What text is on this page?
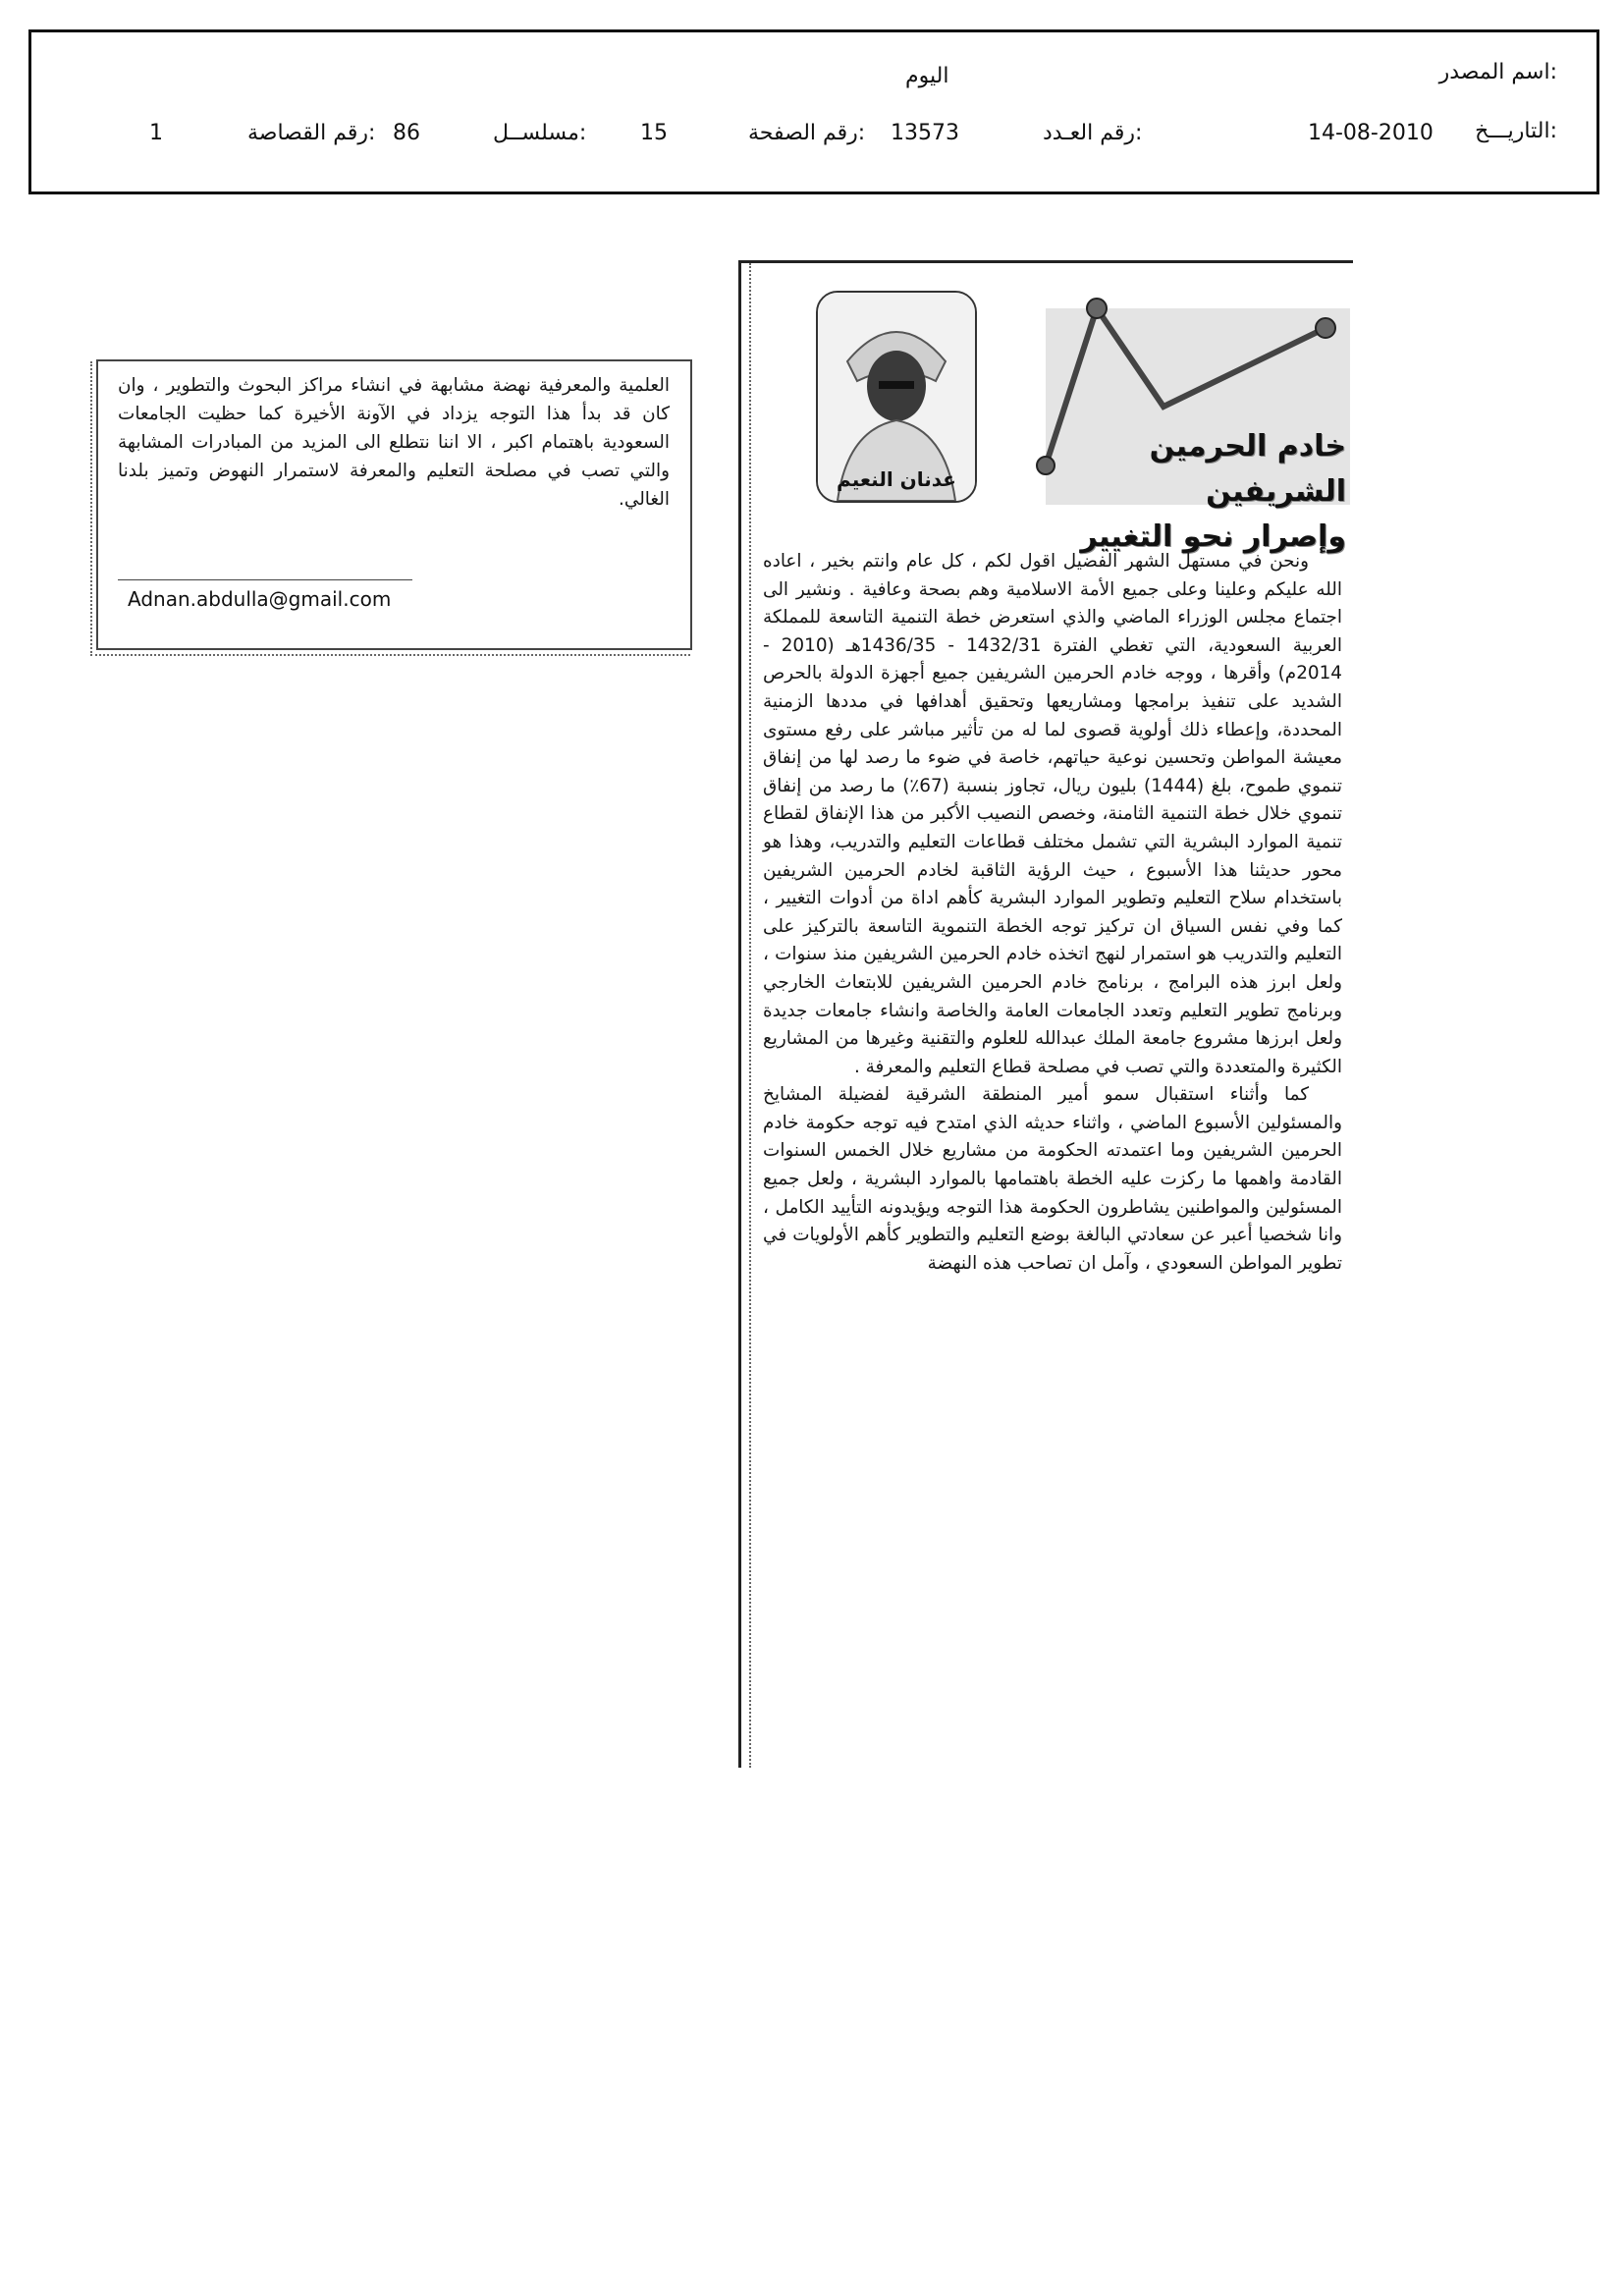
اسم المصدر:
اليوم
التاريـــخ:
14-08-2010
رقم العـدد:
13573
رقم الصفحة:
15
مسلســل:
86
رقم القصاصة:
1
عدنان النعيم
خادم الحرمين الشريفين
وإصرار نحو التغيير

ونحن في مستهل الشهر الفضيل اقول لكم ، كل عام وانتم بخير ، اعاده الله عليكم وعلينا وعلى جميع الأمة الاسلامية وهم بصحة وعافية . ونشير الى اجتماع مجلس الوزراء الماضي والذي استعرض خطة التنمية التاسعة للمملكة العربية السعودية، التي تغطي الفترة 1432/31 - 1436/35هـ (2010 - 2014م) وأقرها ، ووجه خادم الحرمين الشريفين جميع أجهزة الدولة بالحرص الشديد على تنفيذ برامجها ومشاريعها وتحقيق أهدافها في مددها الزمنية المحددة، وإعطاء ذلك أولوية قصوى لما له من تأثير مباشر على رفع مستوى معيشة المواطن وتحسين نوعية حياتهم، خاصة في ضوء ما رصد لها من إنفاق تنموي طموح، بلغ (1444) بليون ريال، تجاوز بنسبة (67٪) ما رصد من إنفاق تنموي خلال خطة التنمية الثامنة، وخصص النصيب الأكبر من هذا الإنفاق لقطاع تنمية الموارد البشرية التي تشمل مختلف قطاعات التعليم والتدريب، وهذا هو محور حديثنا هذا الأسبوع ، حيث الرؤية الثاقبة لخادم الحرمين الشريفين باستخدام سلاح التعليم وتطوير الموارد البشرية كأهم اداة من أدوات التغيير ، كما وفي نفس السياق ان تركيز توجه الخطة التنموية التاسعة بالتركيز على التعليم والتدريب هو استمرار لنهج اتخذه خادم الحرمين الشريفين منذ سنوات ، ولعل ابرز هذه البرامج ، برنامج خادم الحرمين الشريفين للابتعاث الخارجي وبرنامج تطوير التعليم وتعدد الجامعات العامة والخاصة وانشاء جامعات جديدة ولعل ابرزها مشروع جامعة الملك عبدالله للعلوم والتقنية وغيرها من المشاريع الكثيرة والمتعددة والتي تصب في مصلحة قطاع التعليم والمعرفة .

كما وأثناء استقبال سمو أمير المنطقة الشرقية لفضيلة المشايخ والمسئولين الأسبوع الماضي ، واثناء حديثه الذي امتدح فيه توجه حكومة خادم الحرمين الشريفين وما اعتمدته الحكومة من مشاريع خلال الخمس السنوات القادمة واهمها ما ركزت عليه الخطة باهتمامها بالموارد البشرية ، ولعل جميع المسئولين والمواطنين يشاطرون الحكومة هذا التوجه ويؤيدونه التأييد الكامل ، وانا شخصيا أعبر عن سعادتي البالغة بوضع التعليم والتطوير كأهم الأولويات في تطوير المواطن السعودي ، وآمل ان تصاحب هذه النهضة

العلمية والمعرفية نهضة مشابهة في انشاء مراكز البحوث والتطوير ، وان كان قد بدأ هذا التوجه يزداد في الآونة الأخيرة كما حظيت الجامعات السعودية باهتمام اكبر ، الا اننا نتطلع الى المزيد من المبادرات المشابهة والتي تصب في مصلحة التعليم والمعرفة لاستمرار النهوض وتميز بلدنا الغالي.
Adnan.abdulla@gmail.com
